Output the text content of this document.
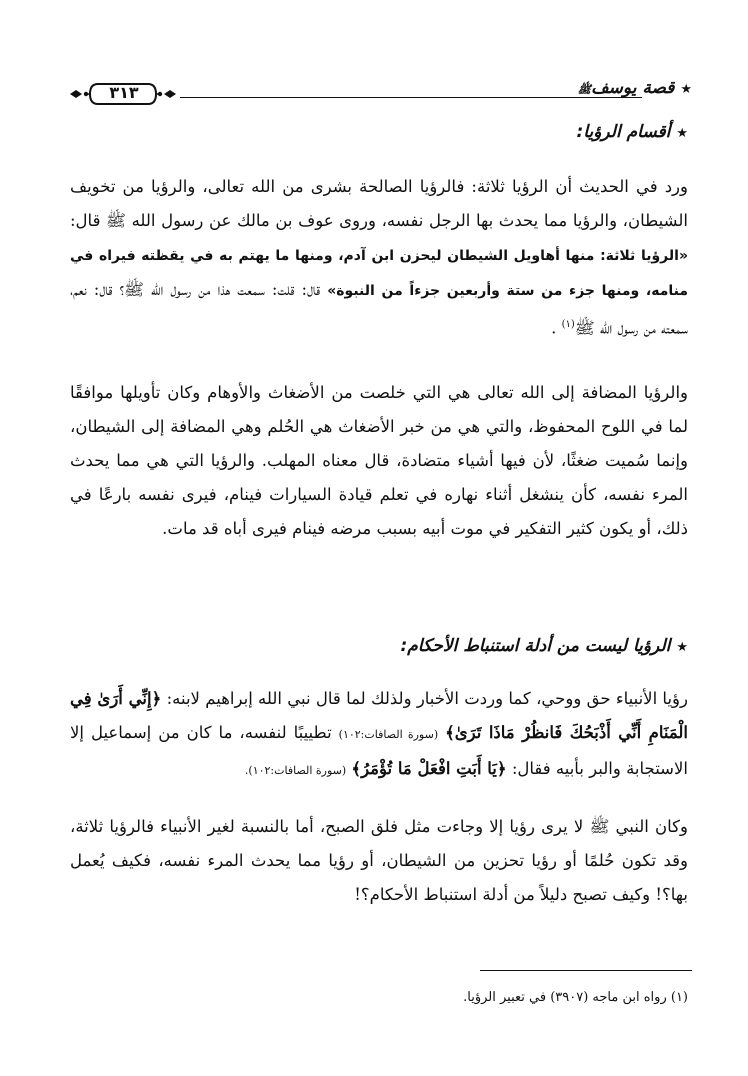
٣١٣	★قصة يوسفﷺ
★أقسام الرؤيا:
ورد في الحديث أن الرؤيا ثلاثة: فالرؤيا الصالحة بشرى من الله تعالى، والرؤيا من تخويف الشيطان، والرؤيا مما يحدث بها الرجل نفسه، وروى عوف بن مالك عن رسول الله ﷺ قال: «الرؤيا ثلاثة: منها أهاويل الشيطان ليحزن ابن آدم، ومنها ما يهتم به في يقظته فيراه في منامه، ومنها جزء من ستة وأربعين جزءاً من النبوة» قال: قلت: سمعت هذا من رسول الله ﷺ؟ قال: نعم، سمعته من رسول الله ﷺ$^{(١)}$ .
والرؤيا المضافة إلى الله تعالى هي التي خلصت من الأضغاث والأوهام وكان تأويلها موافقًا لما في اللوح المحفوظ، والتي هي من خبر الأضغاث هي الحُلم وهي المضافة إلى الشيطان، وإنما سُميت ضغثًا، لأن فيها أشياء متضادة، قال معناه المهلب. والرؤيا التي هي مما يحدث المرء نفسه، كأن ينشغل أثناء نهاره في تعلم قيادة السيارات فينام، فيرى نفسه بارعًا في ذلك، أو يكون كثير التفكير في موت أبيه بسبب مرضه فينام فيرى أباه قد مات.
★الرؤيا ليست من أدلة استنباط الأحكام:
رؤيا الأنبياء حق ووحي، كما وردت الأخبار ولذلك لما قال نبي الله إبراهيم لابنه: ﴿إِنِّي أَرَىٰ فِي الْمَنَامِ أَنِّي أَذْبَحُكَ فَانظُرْ مَاذَا تَرَىٰ﴾ (سورة الصافات:١٠٢) تطييبًا لنفسه، ما كان من إسماعيل إلا الاستجابة والبر بأبيه فقال: ﴿يَا أَبَتِ افْعَلْ مَا تُؤْمَرُ﴾ (سورة الصافات:١٠٢).
وكان النبي ﷺ لا يرى رؤيا إلا وجاءت مثل فلق الصبح، أما بالنسبة لغير الأنبياء فالرؤيا ثلاثة، وقد تكون حُلمًا أو رؤيا تحزين من الشيطان، أو رؤيا مما يحدث المرء نفسه، فكيف يُعمل بها؟! وكيف تصبح دليلاً من أدلة استنباط الأحكام؟!
(١) رواه ابن ماجه (٣٩٠٧) في تعبير الرؤيا.
